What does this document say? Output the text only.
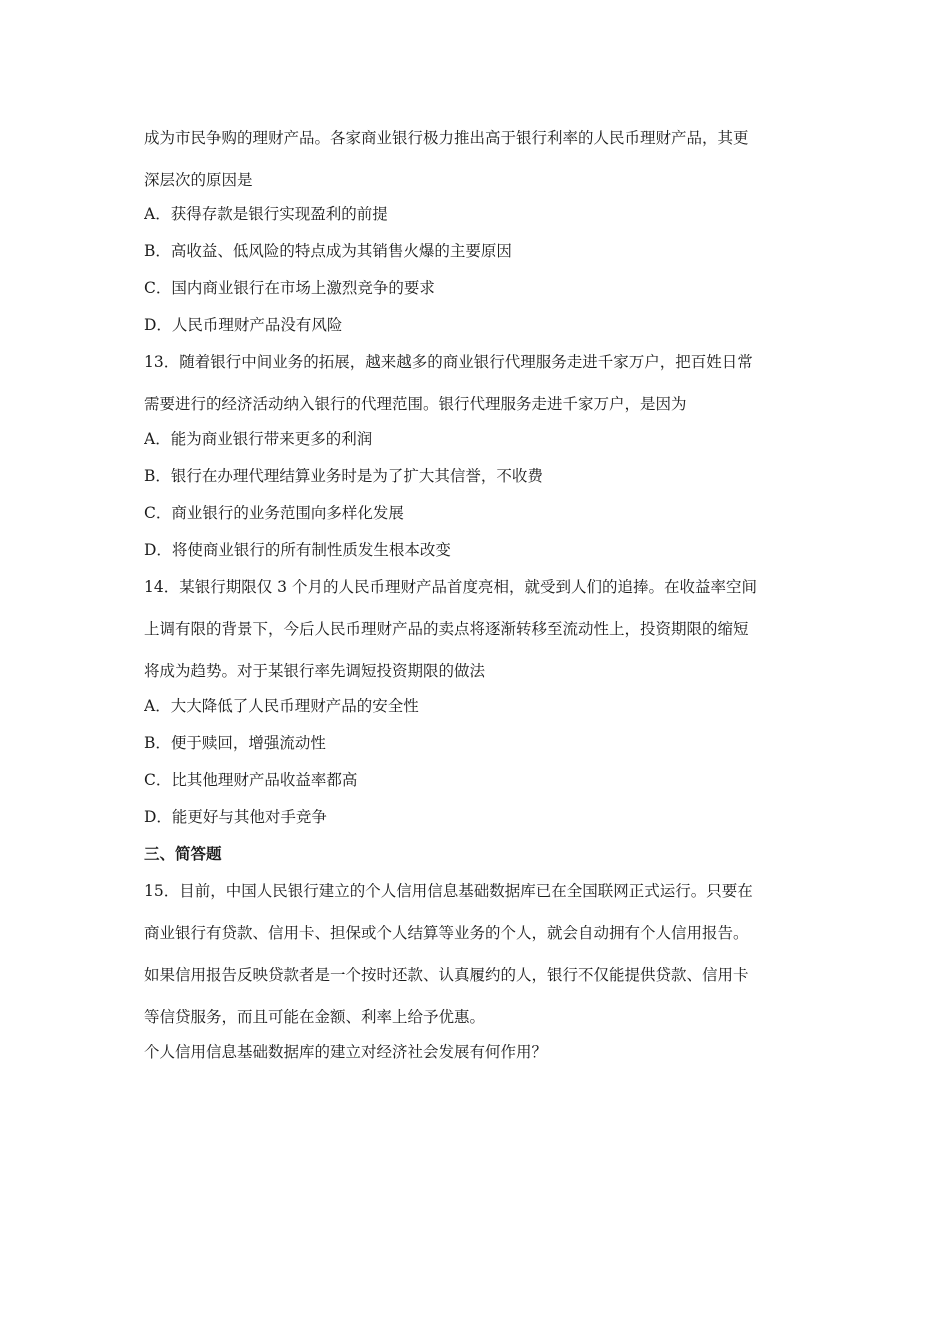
成为市民争购的理财产品。各家商业银行极力推出高于银行利率的人民币理财产品，其更
深层次的原因是
A．获得存款是银行实现盈利的前提
B．高收益、低风险的特点成为其销售火爆的主要原因
C．国内商业银行在市场上激烈竞争的要求
D．人民币理财产品没有风险
13．随着银行中间业务的拓展，越来越多的商业银行代理服务走进千家万户，把百姓日常
需要进行的经济活动纳入银行的代理范围。银行代理服务走进千家万户，是因为
A．能为商业银行带来更多的利润
B．银行在办理代理结算业务时是为了扩大其信誉，不收费
C．商业银行的业务范围向多样化发展
D．将使商业银行的所有制性质发生根本改变
14．某银行期限仅 3 个月的人民币理财产品首度亮相，就受到人们的追捧。在收益率空间
上调有限的背景下，今后人民币理财产品的卖点将逐渐转移至流动性上，投资期限的缩短
将成为趋势。对于某银行率先调短投资期限的做法
A．大大降低了人民币理财产品的安全性
B．便于赎回，增强流动性
C．比其他理财产品收益率都高
D．能更好与其他对手竞争
三、简答题
15．目前，中国人民银行建立的个人信用信息基础数据库已在全国联网正式运行。只要在
商业银行有贷款、信用卡、担保或个人结算等业务的个人，就会自动拥有个人信用报告。
如果信用报告反映贷款者是一个按时还款、认真履约的人，银行不仅能提供贷款、信用卡
等信贷服务，而且可能在金额、利率上给予优惠。
个人信用信息基础数据库的建立对经济社会发展有何作用？
